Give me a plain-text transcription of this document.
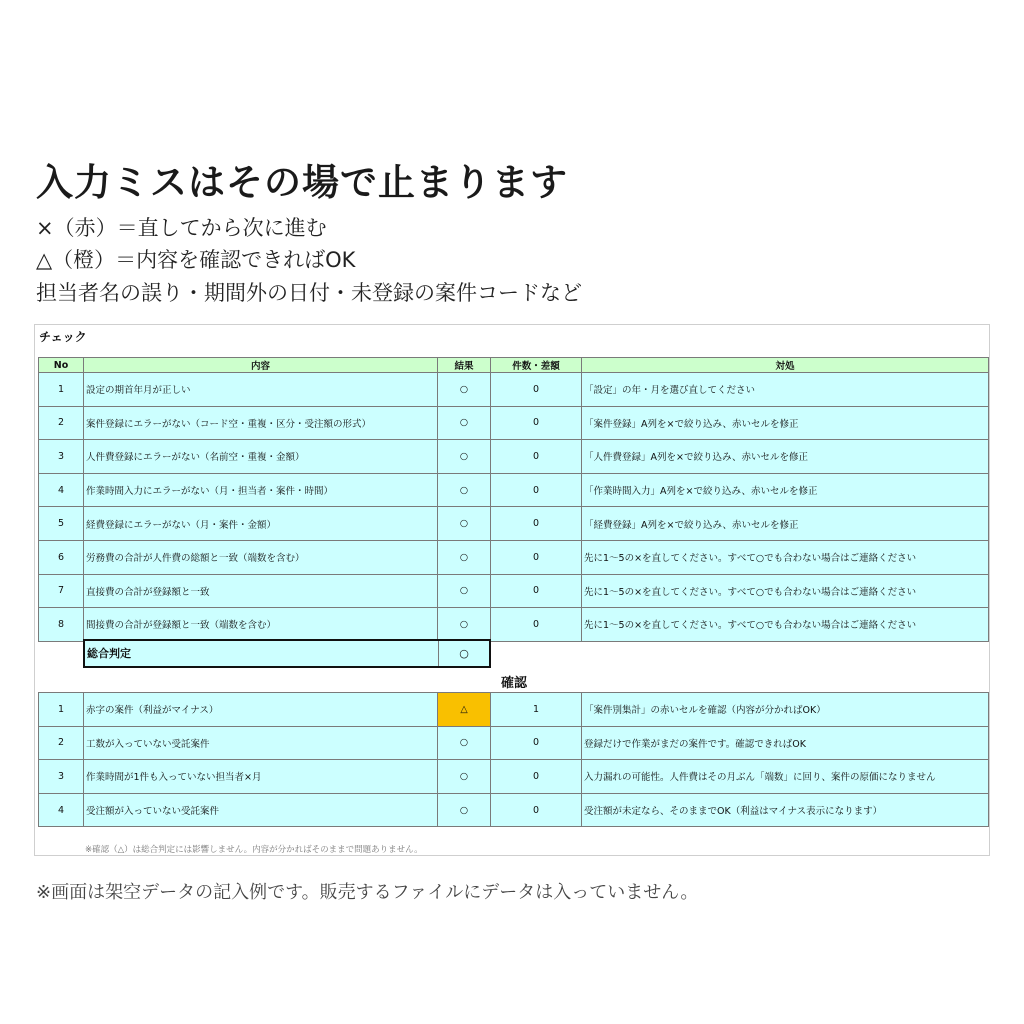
入力ミスはその場で止まります
×（赤）＝直してから次に進む
△（橙）＝内容を確認できればOK
担当者名の誤り・期間外の日付・未登録の案件コードなど
チェック
No	内容	結果	件数・差額	対処
1	設定の期首年月が正しい	○	0	「設定」の年・月を選び直してください
2	案件登録にエラーがない（コード空・重複・区分・受注額の形式）	○	0	「案件登録」A列を×で絞り込み、赤いセルを修正
3	人件費登録にエラーがない（名前空・重複・金額）	○	0	「人件費登録」A列を×で絞り込み、赤いセルを修正
4	作業時間入力にエラーがない（月・担当者・案件・時間）	○	0	「作業時間入力」A列を×で絞り込み、赤いセルを修正
5	経費登録にエラーがない（月・案件・金額）	○	0	「経費登録」A列を×で絞り込み、赤いセルを修正
6	労務費の合計が人件費の総額と一致（端数を含む）	○	0	先に1〜5の×を直してください。すべて○でも合わない場合はご連絡ください
7	直接費の合計が登録額と一致	○	0	先に1〜5の×を直してください。すべて○でも合わない場合はご連絡ください
8	間接費の合計が登録額と一致（端数を含む）	○	0	先に1〜5の×を直してください。すべて○でも合わない場合はご連絡ください
総合判定	○
確認
1	赤字の案件（利益がマイナス）	△	1	「案件別集計」の赤いセルを確認（内容が分かればOK）
2	工数が入っていない受託案件	○	0	登録だけで作業がまだの案件です。確認できればOK
3	作業時間が1件も入っていない担当者×月	○	0	入力漏れの可能性。人件費はその月ぶん「端数」に回り、案件の原価になりません
4	受注額が入っていない受託案件	○	0	受注額が未定なら、そのままでOK（利益はマイナス表示になります）
※確認（△）は総合判定には影響しません。内容が分かればそのままで問題ありません。
※画面は架空データの記入例です。販売するファイルにデータは入っていません。
